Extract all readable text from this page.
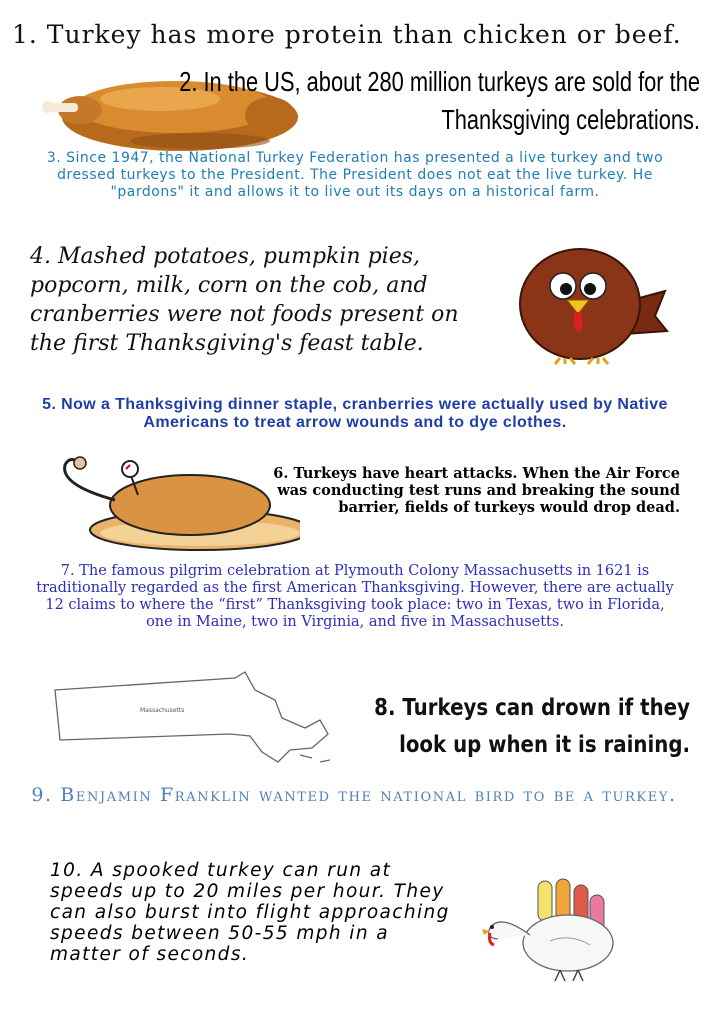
1. Turkey has more protein than chicken or beef.

2. In the US, about 280 million turkeys are sold for the Thanksgiving celebrations.

3. Since 1947, the National Turkey Federation has presented a live turkey and two dressed turkeys to the President. The President does not eat the live turkey. He "pardons" it and allows it to live out its days on a historical farm.

4. Mashed potatoes, pumpkin pies, popcorn, milk, corn on the cob, and cranberries were not foods present on the first Thanksgiving's feast table.

5. Now a Thanksgiving dinner staple, cranberries were actually used by Native Americans to treat arrow wounds and to dye clothes.

6. Turkeys have heart attacks. When the Air Force was conducting test runs and breaking the sound barrier, fields of turkeys would drop dead.

7. The famous pilgrim celebration at Plymouth Colony Massachusetts in 1621 is traditionally regarded as the first American Thanksgiving. However, there are actually 12 claims to where the “first” Thanksgiving took place: two in Texas, two in Florida, one in Maine, two in Virginia, and five in Massachusetts.

Massachusetts	8. Turkeys can drown if they look up when it is raining.

9. Benjamin Franklin wanted the national bird to be a turkey.

10. A spooked turkey can run at speeds up to 20 miles per hour. They can also burst into flight approaching speeds between 50-55 mph in a matter of seconds.
